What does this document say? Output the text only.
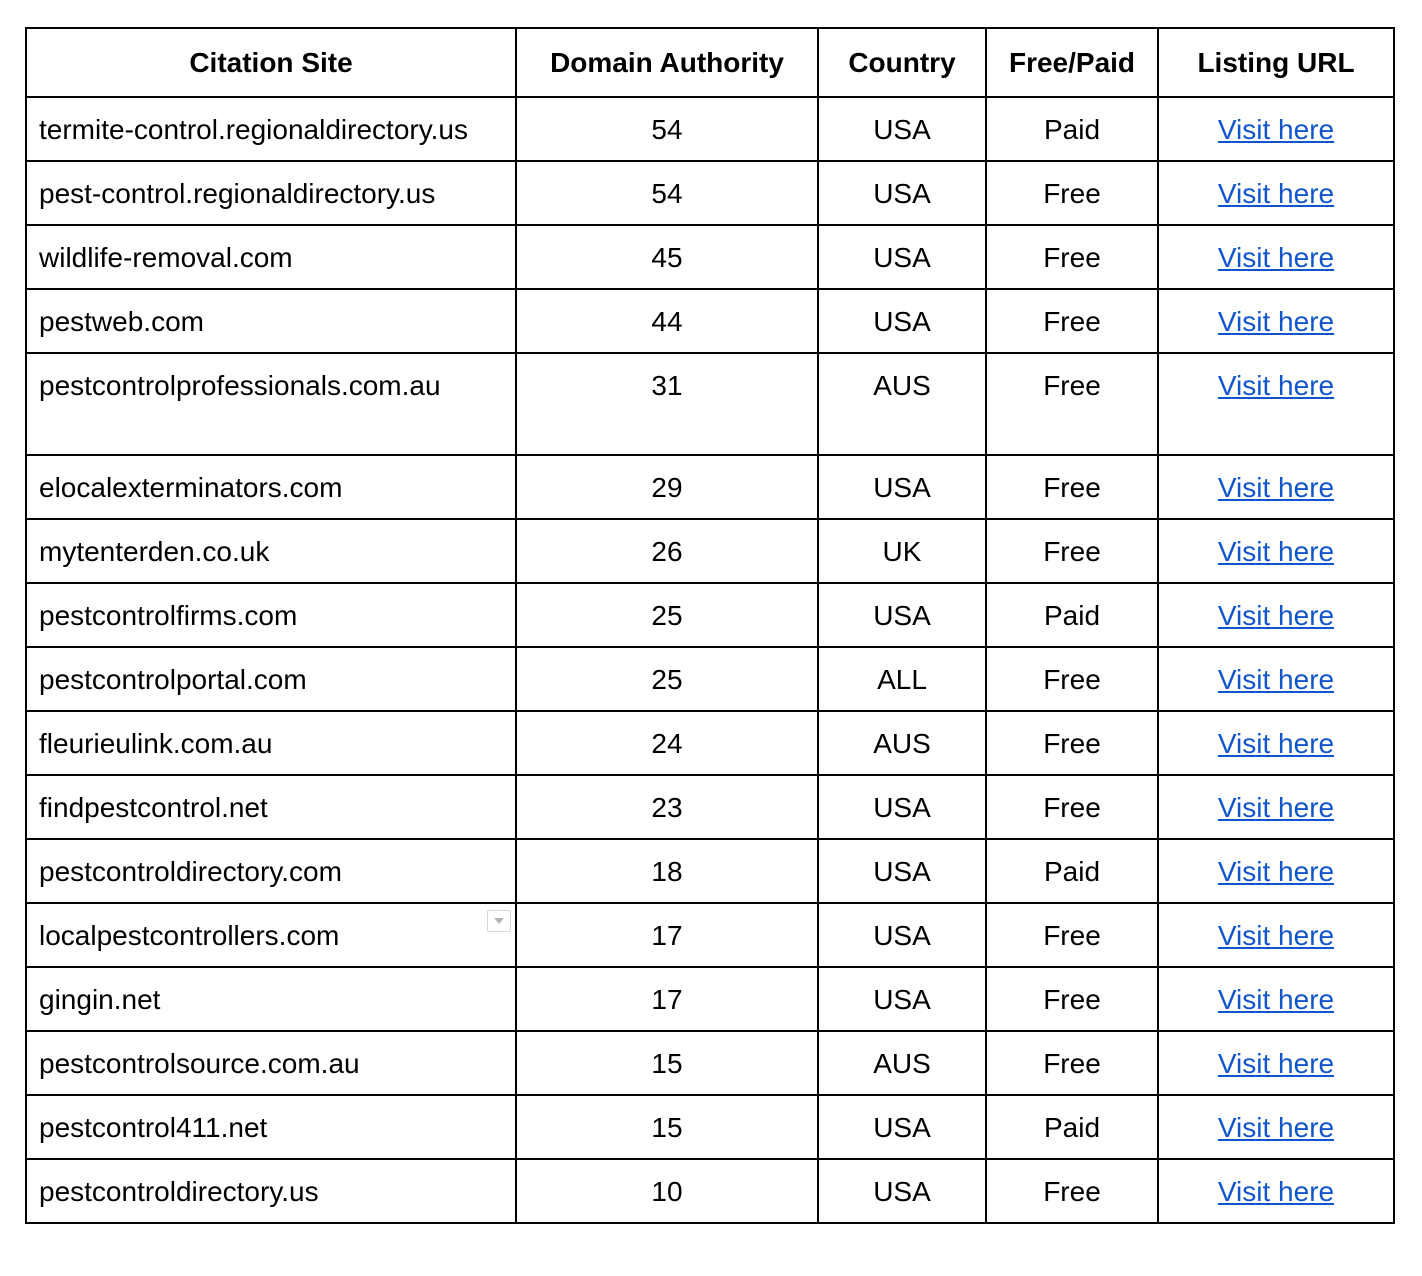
Citation Site	Domain Authority	Country	Free/Paid	Listing URL
termite-control.regionaldirectory.us	54	USA	Paid	Visit here
pest-control.regionaldirectory.us	54	USA	Free	Visit here
wildlife-removal.com	45	USA	Free	Visit here
pestweb.com	44	USA	Free	Visit here
pestcontrolprofessionals.com.au	31	AUS	Free	Visit here
elocalexterminators.com	29	USA	Free	Visit here
mytenterden.co.uk	26	UK	Free	Visit here
pestcontrolfirms.com	25	USA	Paid	Visit here
pestcontrolportal.com	25	ALL	Free	Visit here
fleurieulink.com.au	24	AUS	Free	Visit here
findpestcontrol.net	23	USA	Free	Visit here
pestcontroldirectory.com	18	USA	Paid	Visit here
localpestcontrollers.com	17	USA	Free	Visit here
gingin.net	17	USA	Free	Visit here
pestcontrolsource.com.au	15	AUS	Free	Visit here
pestcontrol411.net	15	USA	Paid	Visit here
pestcontroldirectory.us	10	USA	Free	Visit here
